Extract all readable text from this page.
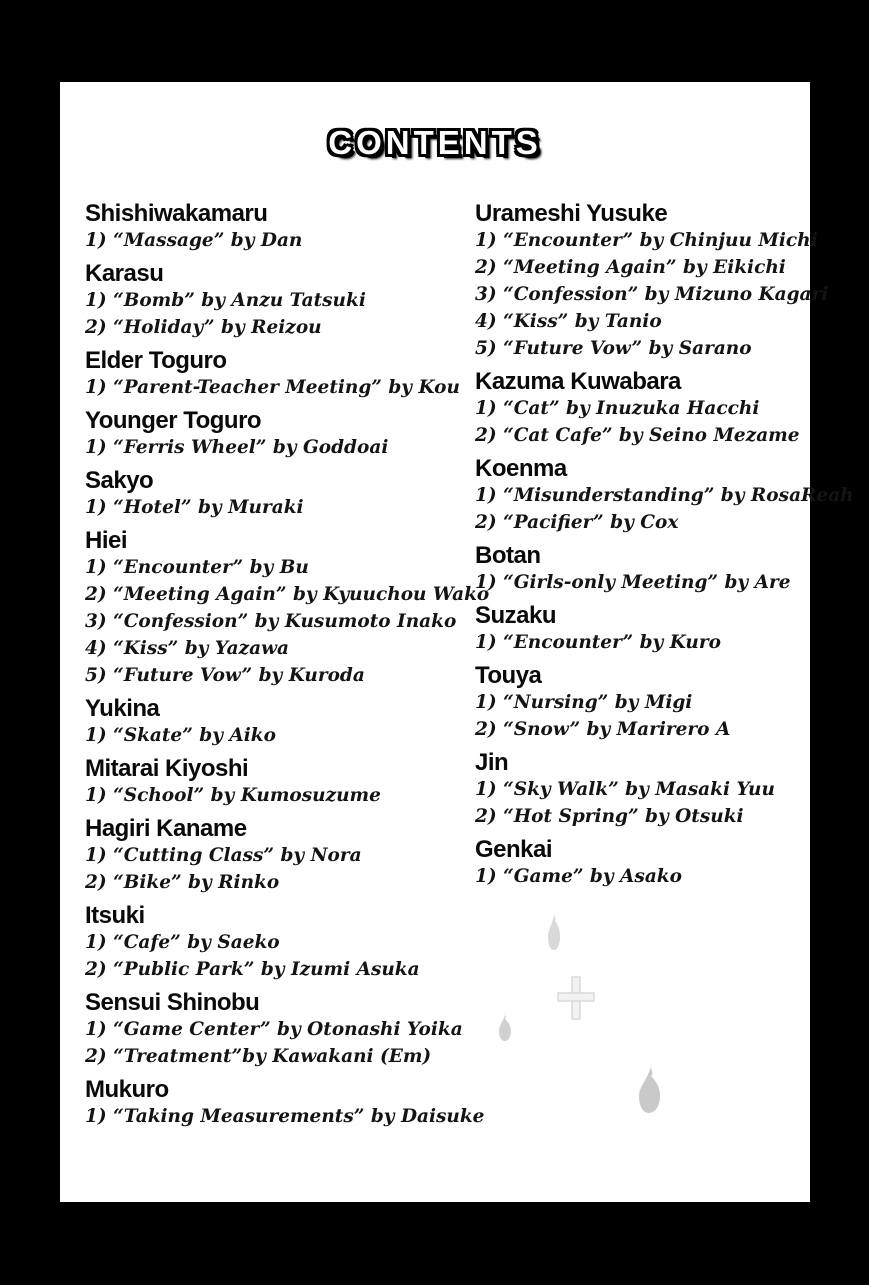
CONTENTS
Shishiwakamaru
1) “Massage” by Dan
Karasu
1) “Bomb” by Anzu Tatsuki
2) “Holiday” by Reizou
Elder Toguro
1) “Parent-Teacher Meeting” by Kou
Younger Toguro
1) “Ferris Wheel” by Goddoai
Sakyo
1) “Hotel” by Muraki
Hiei
1) “Encounter” by Bu
2) “Meeting Again” by Kyuuchou Wako
3) “Confession” by Kusumoto Inako
4) “Kiss” by Yazawa
5) “Future Vow” by Kuroda
Yukina
1) “Skate” by Aiko
Mitarai Kiyoshi
1) “School” by Kumosuzume
Hagiri Kaname
1) “Cutting Class” by Nora
2) “Bike” by Rinko
Itsuki
1) “Cafe” by Saeko
2) “Public Park” by Izumi Asuka
Sensui Shinobu
1) “Game Center” by Otonashi Yoika
2) “Treatment”by Kawakani (Em)
Mukuro
1) “Taking Measurements” by Daisuke
Urameshi Yusuke
1) “Encounter” by Chinjuu Michi
2) “Meeting Again” by Eikichi
3) “Confession” by Mizuno Kagari
4) “Kiss” by Tanio
5) “Future Vow” by Sarano
Kazuma Kuwabara
1) “Cat” by Inuzuka Hacchi
2) “Cat Cafe” by Seino Mezame
Koenma
1) “Misunderstanding” by RosaReah
2) “Pacifier” by Cox
Botan
1) “Girls-only Meeting” by Are
Suzaku
1) “Encounter” by Kuro
Touya
1) “Nursing” by Migi
2) “Snow” by Marirero A
Jin
1) “Sky Walk” by Masaki Yuu
2) “Hot Spring” by Otsuki
Genkai
1) “Game” by Asako
